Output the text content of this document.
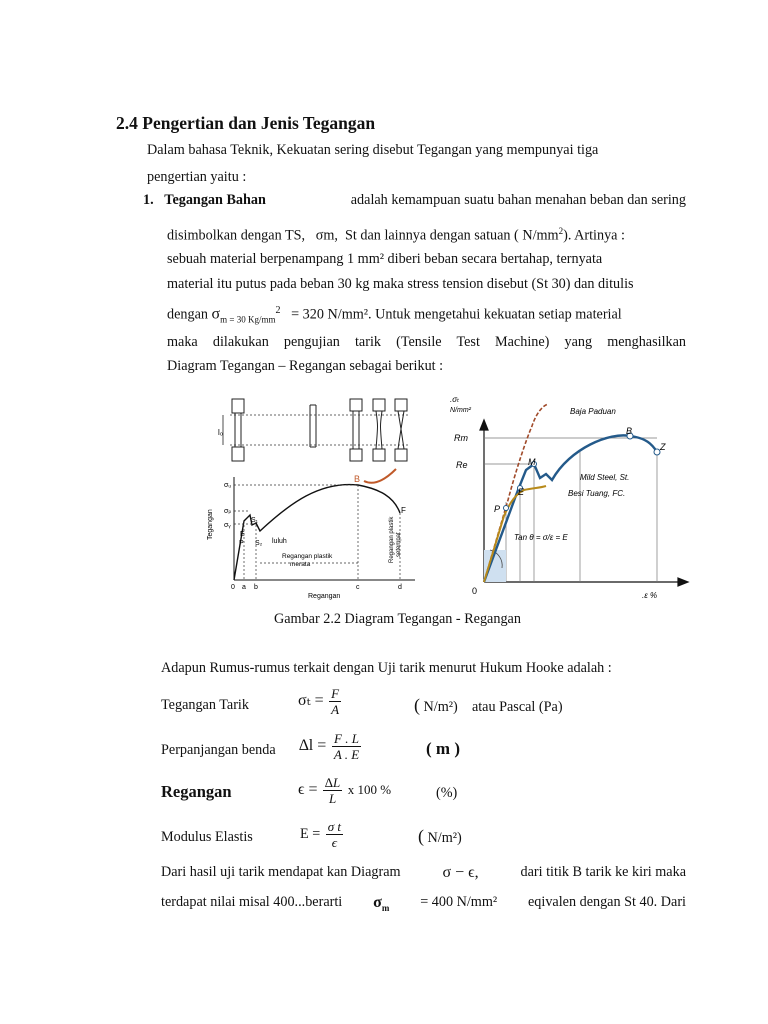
2.4 Pengertian dan Jenis Tegangan
Dalam bahasa Teknik, Kekuatan sering disebut Tegangan yang mempunyai tiga
pengertian yaitu :
1. Tegangan Bahan	adalah kemampuan suatu bahan menahan beban dan sering
disimbolkan dengan TS, σm, St dan lainnya dengan satuan ( $N/mm^2$). Artinya :
sebuah material berpenampang 1 mm² diberi beban secara bertahap, ternyata
material itu putus pada beban 30 kg maka stress tension disebut (St 30) dan ditulis
dengan $\sigma_{m = 30 Kg/mm}^2 = 320$ N/mm². Untuk mengetahui kekuatan setiap material
maka dilakukan pengujian tarik (Tensile Test Machine) yang menghasilkan
Diagram Tegangan – Regangan sebagai berikut :
l₀
Tegangan
σᵤ
σₚ
σᵧ
B
F
S₁
S₂
E
P	luluh
Regangan plastik
merata
Regangan plastik setempat
0 a b	c	d
Regangan
.σₜ
N/mm²
Rm
Re
0	.ε %
Baja Paduan
Mild Steel, St.
Besi Tuang, FC.
B
Z
M
E
P
Tan θ = σ/ε = E
Gambar 2.2 Diagram Tegangan - Regangan
Adapun Rumus-rumus terkait dengan Uji tarik menurut Hukum Hooke adalah :
Tegangan Tarik	$\sigma_t = \frac{F}{A}$	( N/m²) atau Pascal (Pa)
Perpanjangan benda $\Delta l = \frac{F . L}{A . E}$	( m )
Regangan	$\epsilon = \frac{\Delta L}{L}$ x 100 %	(%)
Modulus Elastis	$E = \frac{\text{σ t}}{\epsilon}$	( N/m²)
Dari hasil uji tarik mendapat kan Diagram	σ − ϵ,	dari titik B tarik ke kiri maka
terdapat nilai misal 400...berarti $\sigma_m = 400$ N/mm² eqivalen dengan St 40. Dari
